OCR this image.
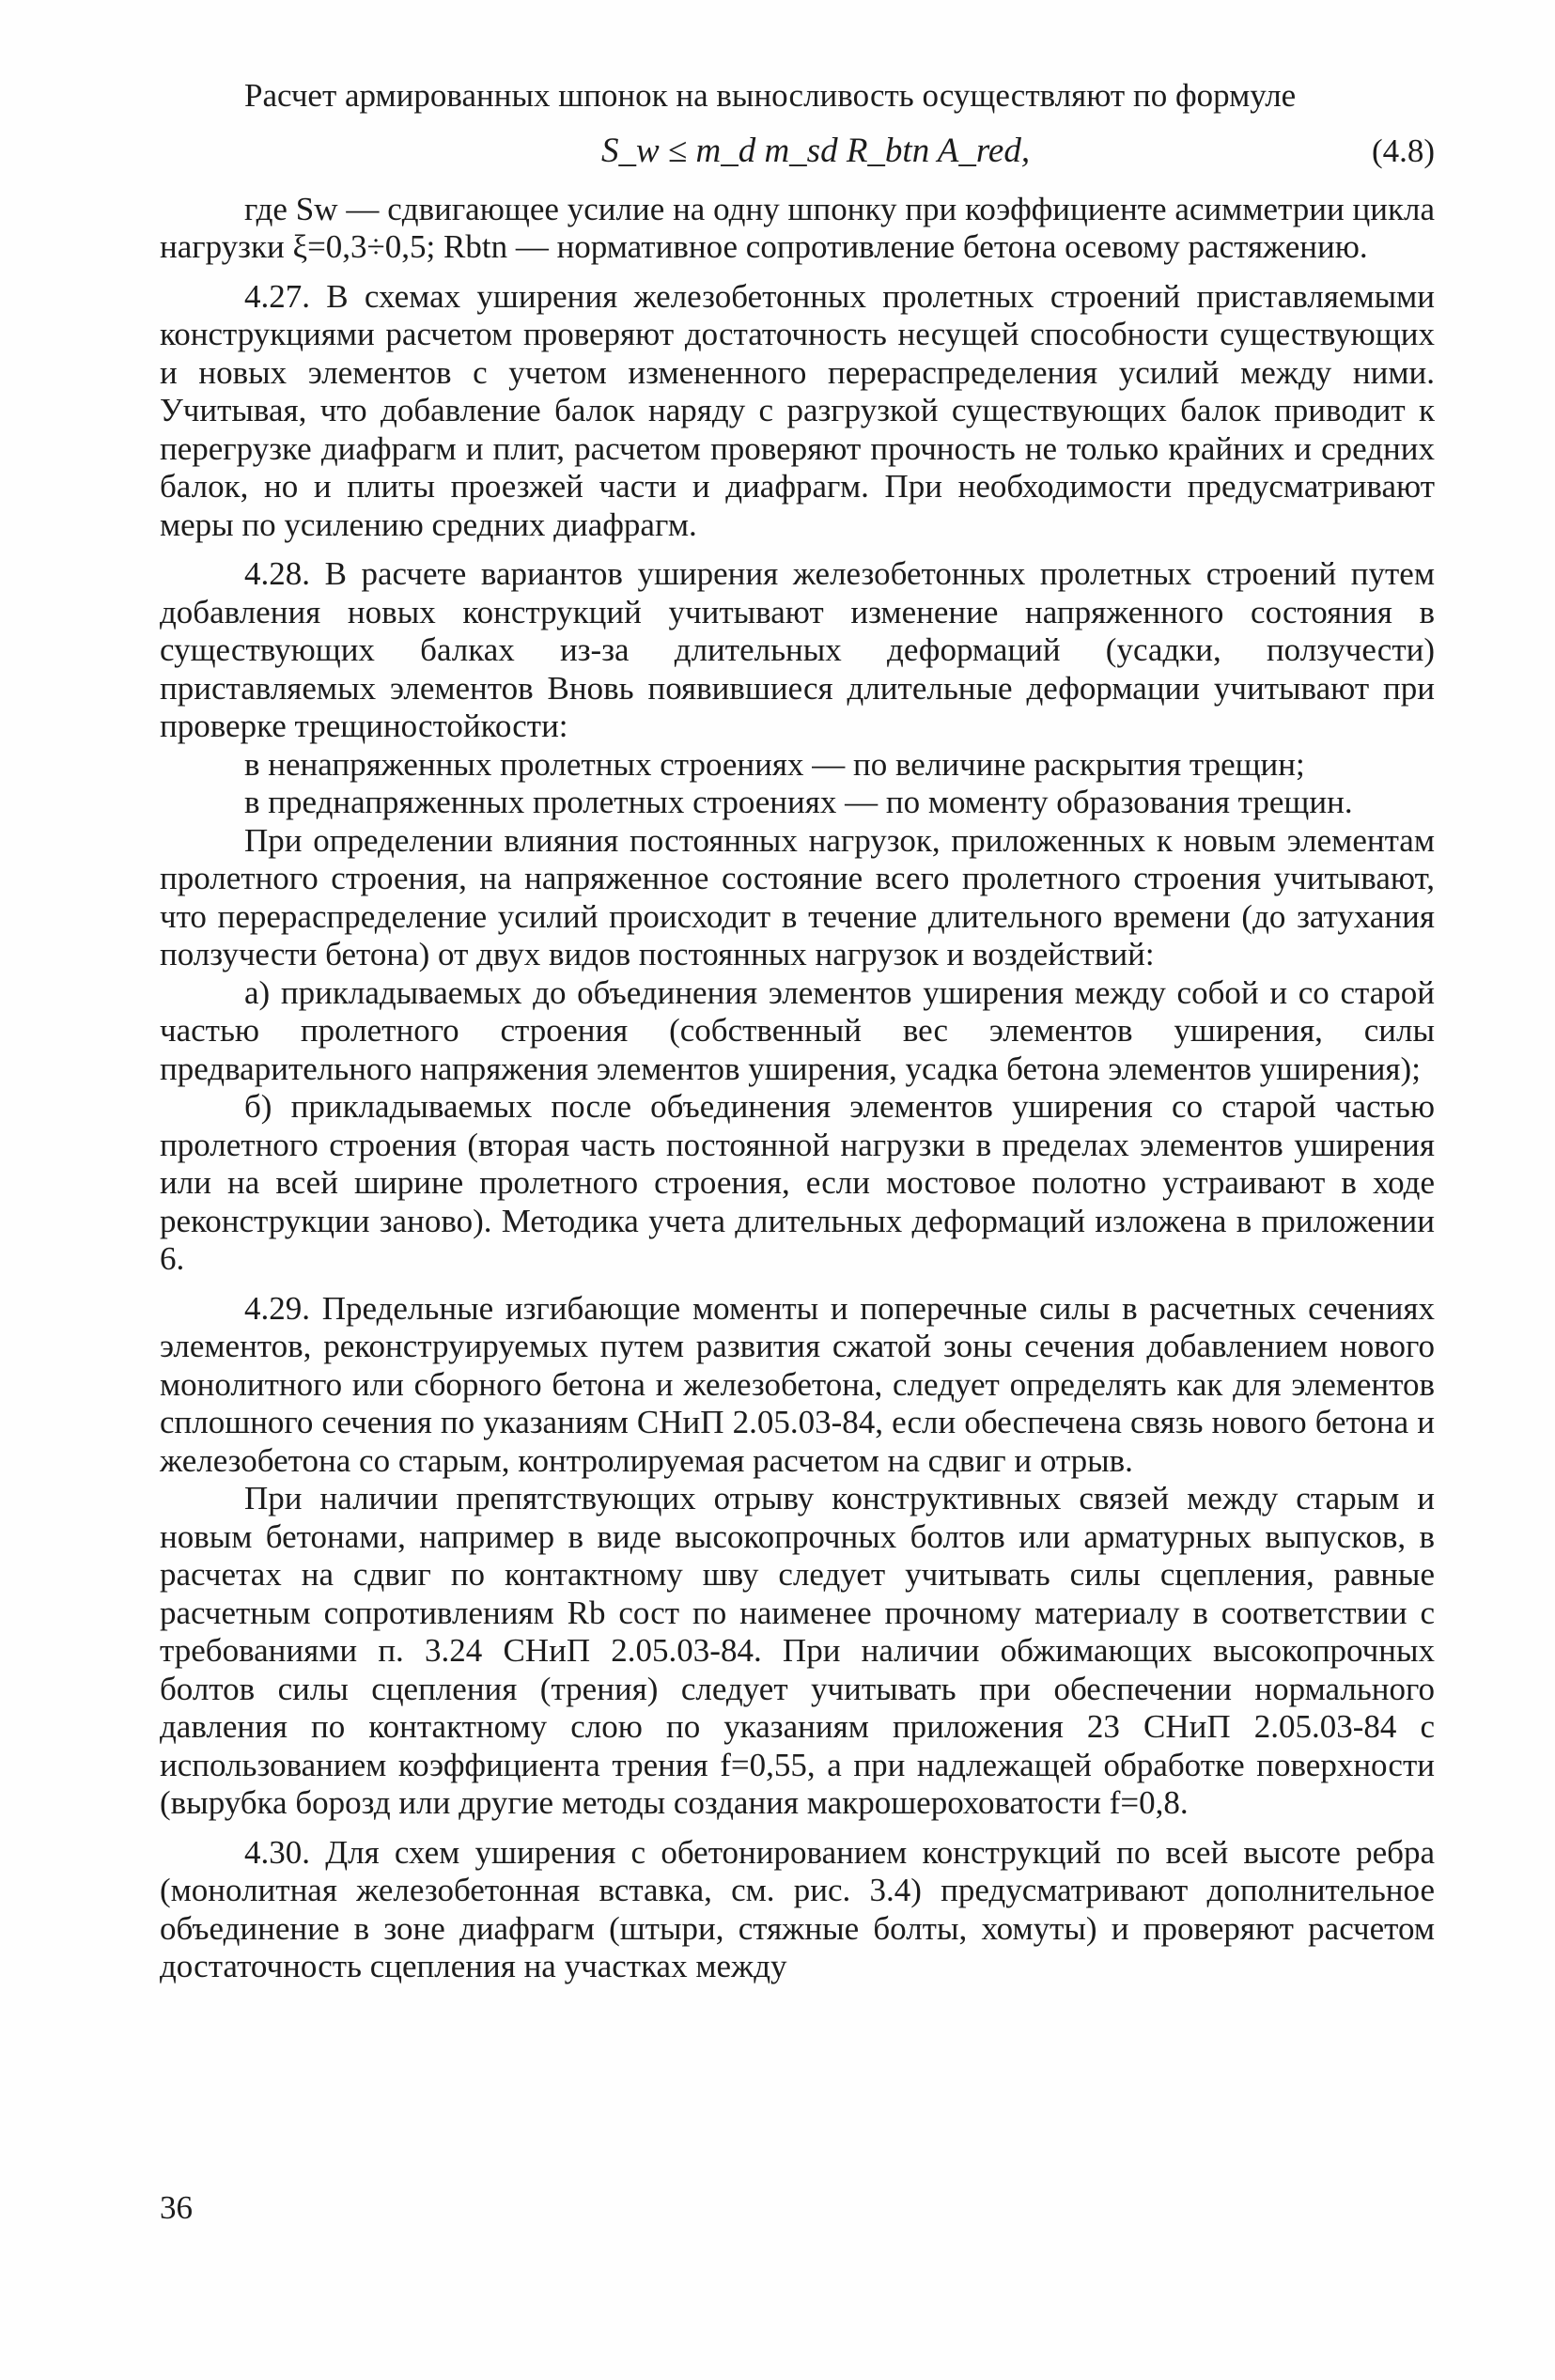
Расчет армированных шпонок на выносливость осуществляют по формуле

S_w ≤ m_d m_sd R_btn A_red,	(4.8)

где Sw — сдвигающее усилие на одну шпонку при коэффициенте асимметрии цикла нагрузки ξ=0,3÷0,5; Rbtn — нормативное сопротивление бетона осевому растяжению.

4.27. В схемах уширения железобетонных пролетных строений приставляемыми конструкциями расчетом проверяют достаточность несущей способности существующих и новых элементов с учетом измененного перераспределения усилий между ними. Учитывая, что добавление балок наряду с разгрузкой существующих балок приводит к перегрузке диафрагм и плит, расчетом проверяют прочность не только крайних и средних балок, но и плиты проезжей части и диафрагм. При необходимости предусматривают меры по усилению средних диафрагм.

4.28. В расчете вариантов уширения железобетонных пролетных строений путем добавления новых конструкций учитывают изменение напряженного состояния в существующих балках из-за длительных деформаций (усадки, ползучести) приставляемых элементов Вновь появившиеся длительные деформации учитывают при проверке трещиностойкости:

в ненапряженных пролетных строениях — по величине раскрытия трещин;

в преднапряженных пролетных строениях — по моменту образования трещин.

При определении влияния постоянных нагрузок, приложенных к новым элементам пролетного строения, на напряженное состояние всего пролетного строения учитывают, что перераспределение усилий происходит в течение длительного времени (до затухания ползучести бетона) от двух видов постоянных нагрузок и воздействий:

а) прикладываемых до объединения элементов уширения между собой и со старой частью пролетного строения (собственный вес элементов уширения, силы предварительного напряжения элементов уширения, усадка бетона элементов уширения);

б) прикладываемых после объединения элементов уширения со старой частью пролетного строения (вторая часть постоянной нагрузки в пределах элементов уширения или на всей ширине пролетного строения, если мостовое полотно устраивают в ходе реконструкции заново). Методика учета длительных деформаций изложена в приложении 6.

4.29. Предельные изгибающие моменты и поперечные силы в расчетных сечениях элементов, реконструируемых путем развития сжатой зоны сечения добавлением нового монолитного или сборного бетона и железобетона, следует определять как для элементов сплошного сечения по указаниям СНиП 2.05.03-84, если обеспечена связь нового бетона и железобетона со старым, контролируемая расчетом на сдвиг и отрыв.

При наличии препятствующих отрыву конструктивных связей между старым и новым бетонами, например в виде высокопрочных болтов или арматурных выпусков, в расчетах на сдвиг по контактному шву следует учитывать силы сцепления, равные расчетным сопротивлениям Rb сост по наименее прочному материалу в соответствии с требованиями п. 3.24 СНиП 2.05.03-84. При наличии обжимающих высокопрочных болтов силы сцепления (трения) следует учитывать при обеспечении нормального давления по контактному слою по указаниям приложения 23 СНиП 2.05.03-84 с использованием коэффициента трения f=0,55, а при надлежащей обработке поверхности (вырубка борозд или другие методы создания макрошероховатости f=0,8.

4.30. Для схем уширения с обетонированием конструкций по всей высоте ребра (монолитная железобетонная вставка, см. рис. 3.4) предусматривают дополнительное объединение в зоне диафрагм (штыри, стяжные болты, хомуты) и проверяют расчетом достаточность сцепления на участках между

36
